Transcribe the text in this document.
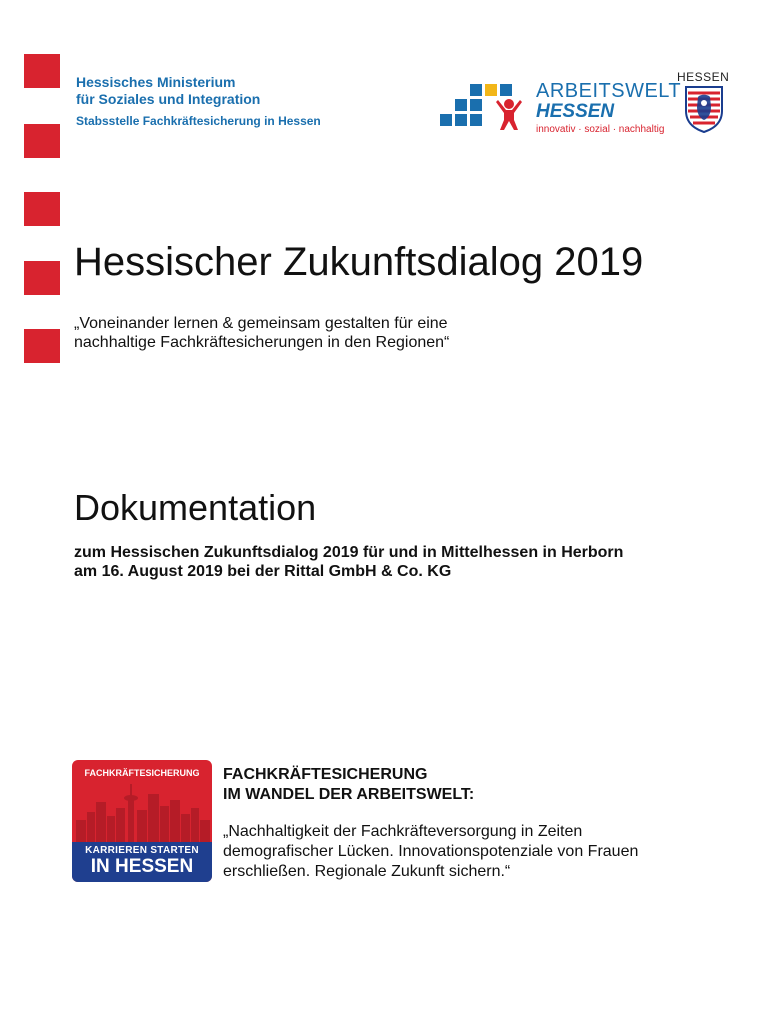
Hessisches Ministerium
für Soziales und Integration
Stabsstelle Fachkräftesicherung in Hessen
ARBEITSWELT
HESSEN
innovativ · sozial · nachhaltig
HESSEN
Hessischer Zukunftsdialog 2019
„Voneinander lernen & gemeinsam gestalten für eine
nachhaltige Fachkräftesicherungen in den Regionen“
Dokumentation
zum Hessischen Zukunftsdialog 2019 für und in Mittelhessen in Herborn
am 16. August 2019 bei der Rittal GmbH & Co. KG
FACHKRÄFTESICHERUNG
KARRIEREN STARTEN
IN HESSEN
FACHKRÄFTESICHERUNG
IM WANDEL DER ARBEITSWELT:
„Nachhaltigkeit der Fachkräfteversorgung in Zeiten
demografischer Lücken. Innovationspotenziale von Frauen
erschließen. Regionale Zukunft sichern.“
